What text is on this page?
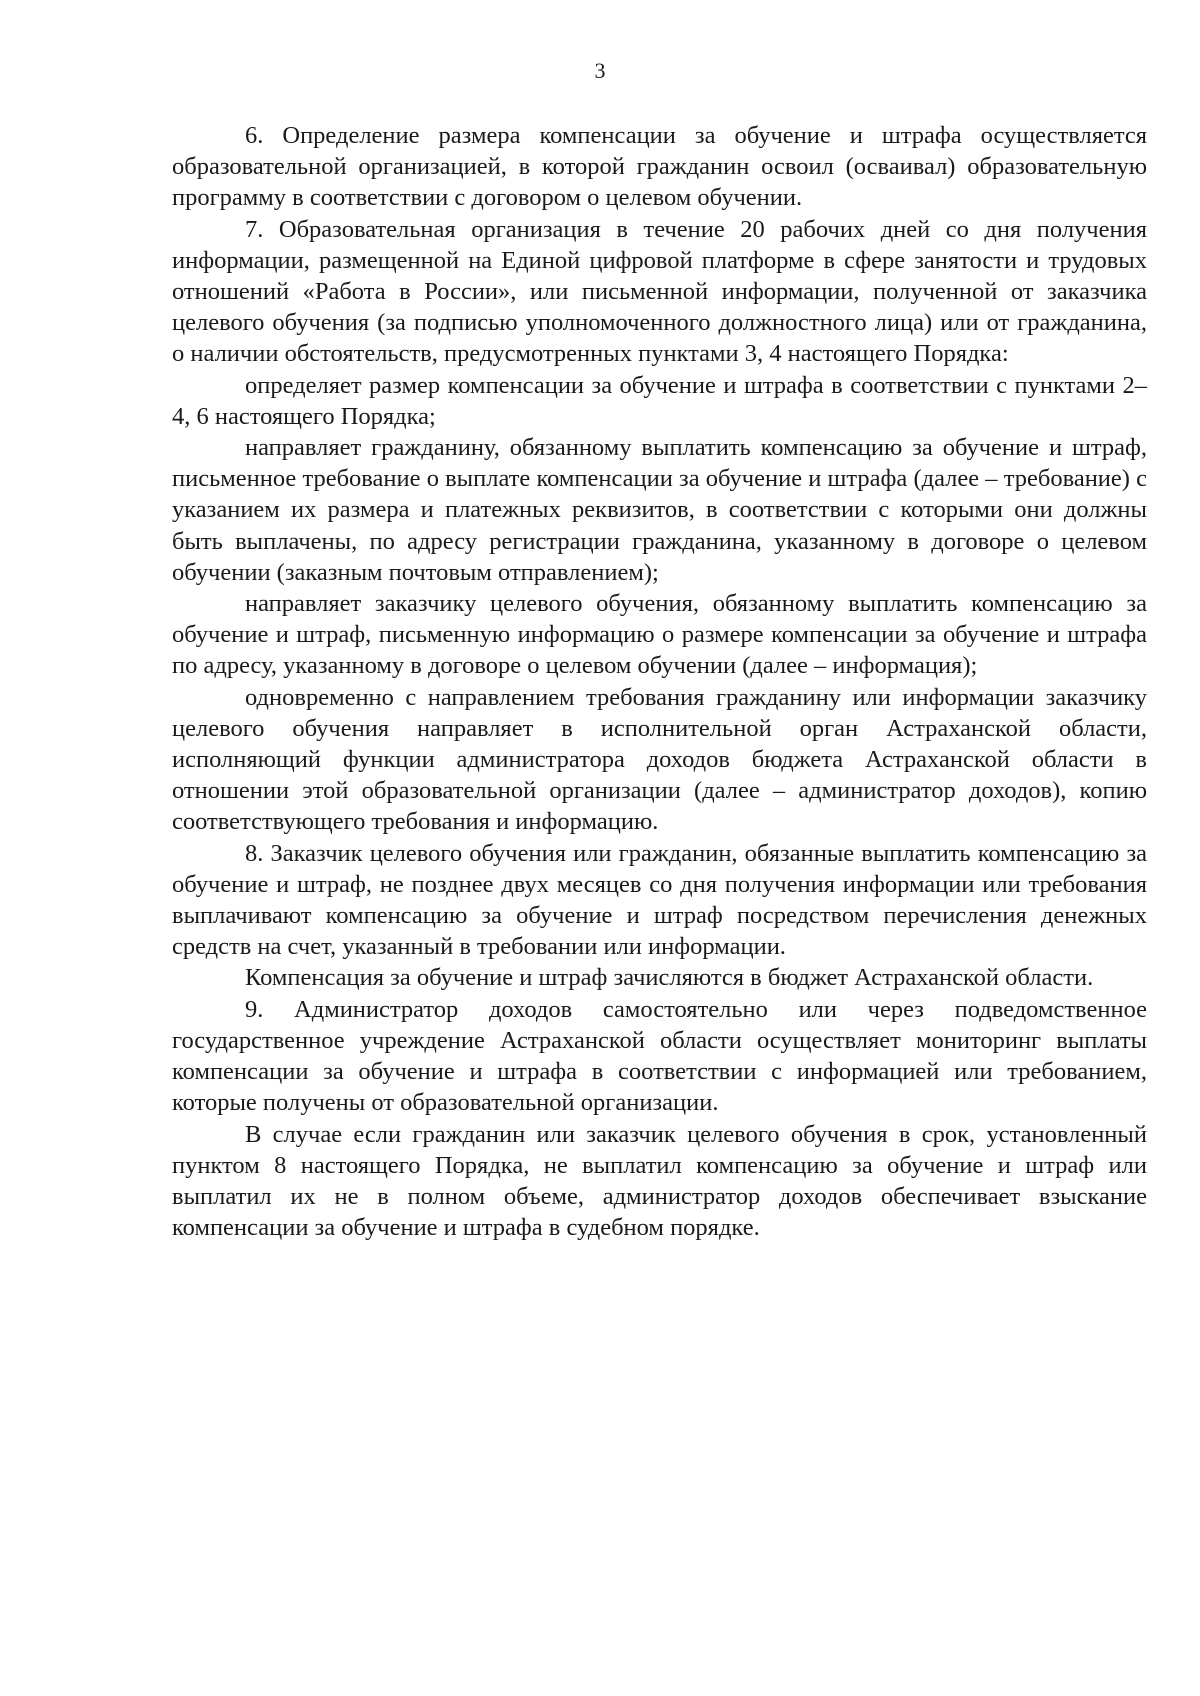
3

6. Определение размера компенсации за обучение и штрафа осуществляется образовательной организацией, в которой гражданин освоил (осваивал) образовательную программу в соответствии с договором о целевом обучении.

7. Образовательная организация в течение 20 рабочих дней со дня получения информации, размещенной на Единой цифровой платформе в сфере занятости и трудовых отношений «Работа в России», или письменной информации, полученной от заказчика целевого обучения (за подписью уполномоченного должностного лица) или от гражданина, о наличии обстоятельств, предусмотренных пунктами 3, 4 настоящего Порядка:

определяет размер компенсации за обучение и штрафа в соответствии с пунктами 2–4, 6 настоящего Порядка;

направляет гражданину, обязанному выплатить компенсацию за обучение и штраф, письменное требование о выплате компенсации за обучение и штрафа (далее – требование) с указанием их размера и платежных реквизитов, в соответствии с которыми они должны быть выплачены, по адресу регистрации гражданина, указанному в договоре о целевом обучении (заказным почтовым отправлением);

направляет заказчику целевого обучения, обязанному выплатить компенсацию за обучение и штраф, письменную информацию о размере компенсации за обучение и штрафа по адресу, указанному в договоре о целевом обучении (далее – информация);

одновременно с направлением требования гражданину или информации заказчику целевого обучения направляет в исполнительной орган Астраханской области, исполняющий функции администратора доходов бюджета Астраханской области в отношении этой образовательной организации (далее – администратор доходов), копию соответствующего требования и информацию.

8. Заказчик целевого обучения или гражданин, обязанные выплатить компенсацию за обучение и штраф, не позднее двух месяцев со дня получения информации или требования выплачивают компенсацию за обучение и штраф посредством перечисления денежных средств на счет, указанный в требовании или информации.

Компенсация за обучение и штраф зачисляются в бюджет Астраханской области.

9. Администратор доходов самостоятельно или через подведомственное государственное учреждение Астраханской области осуществляет мониторинг выплаты компенсации за обучение и штрафа в соответствии с информацией или требованием, которые получены от образовательной организации.

В случае если гражданин или заказчик целевого обучения в срок, установленный пунктом 8 настоящего Порядка, не выплатил компенсацию за обучение и штраф или выплатил их не в полном объеме, администратор доходов обеспечивает взыскание компенсации за обучение и штрафа в судебном порядке.
